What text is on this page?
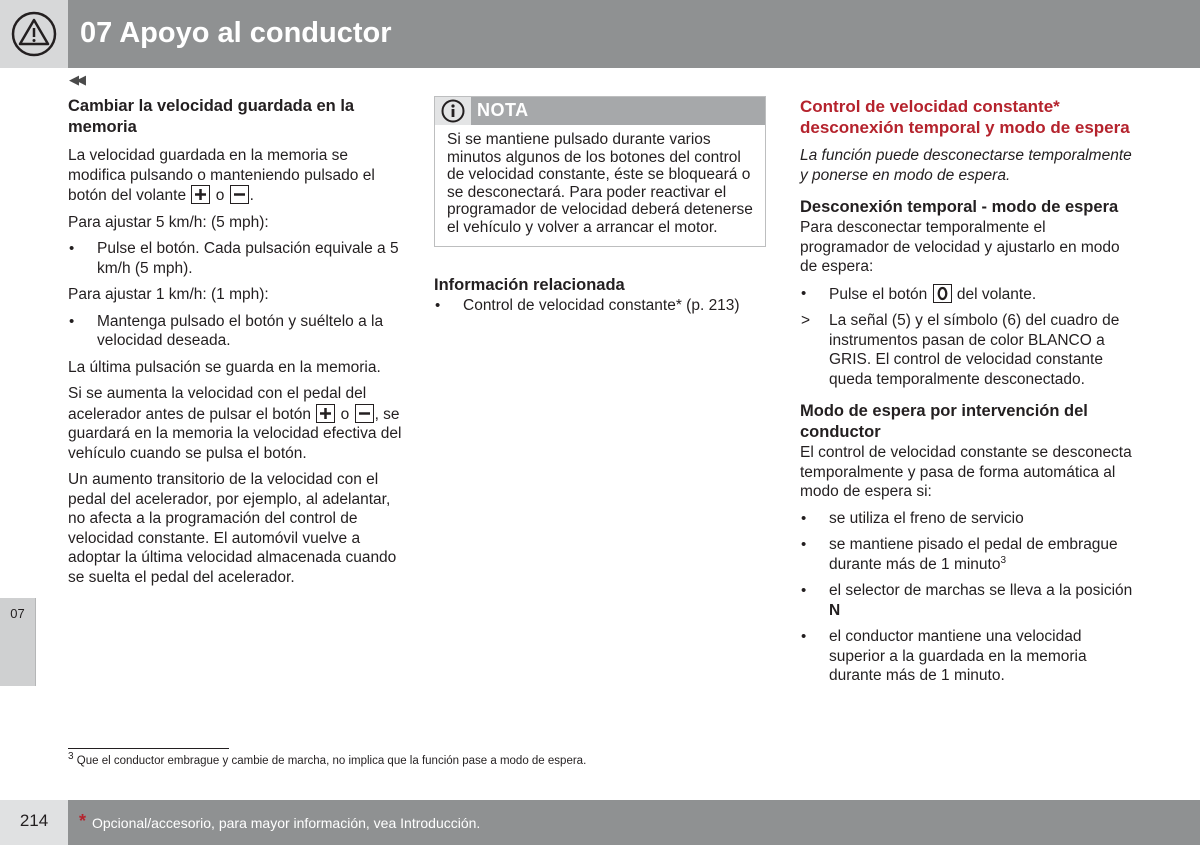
07 Apoyo al conductor
◀◀
07
Cambiar la velocidad guardada en la memoria

La velocidad guardada en la memoria se modifica pulsando o manteniendo pulsado el botón del volante o .

Para ajustar 5 km/h: (5 mph):

• Pulse el botón. Cada pulsación equivale a 5 km/h (5 mph).

Para ajustar 1 km/h: (1 mph):

• Mantenga pulsado el botón y suéltelo a la velocidad deseada.

La última pulsación se guarda en la memoria.

Si se aumenta la velocidad con el pedal del acelerador antes de pulsar el botón o , se guardará en la memoria la velocidad efectiva del vehículo cuando se pulsa el botón.

Un aumento transitorio de la velocidad con el pedal del acelerador, por ejemplo, al adelantar, no afecta a la programación del control de velocidad constante. El automóvil vuelve a adoptar la última velocidad almacenada cuando se suelta el pedal del acelerador.

NOTA
Si se mantiene pulsado durante varios minutos algunos de los botones del control de velocidad constante, éste se bloqueará o se desconectará. Para poder reactivar el programador de velocidad deberá detenerse el vehículo y volver a arrancar el motor.
Información relacionada
• Control de velocidad constante* (p. 213)
Control de velocidad constante* desconexión temporal y modo de espera

La función puede desconectarse temporalmente y ponerse en modo de espera.

Desconexión temporal - modo de espera

Para desconectar temporalmente el programador de velocidad y ajustarlo en modo de espera:

• Pulse el botón del volante.
> La señal (5) y el símbolo (6) del cuadro de instrumentos pasan de color BLANCO a GRIS. El control de velocidad constante queda temporalmente desconectado.
Modo de espera por intervención del conductor

El control de velocidad constante se desconecta temporalmente y pasa de forma automática al modo de espera si:

• se utiliza el freno de servicio
• se mantiene pisado el pedal de embrague durante más de 1 minuto$^3$
• el selector de marchas se lleva a la posición N
• el conductor mantiene una velocidad superior a la guardada en la memoria durante más de 1 minuto.
$^3$ Que el conductor embrague y cambie de marcha, no implica que la función pase a modo de espera.
214	* Opcional/accesorio, para mayor información, vea Introducción.
